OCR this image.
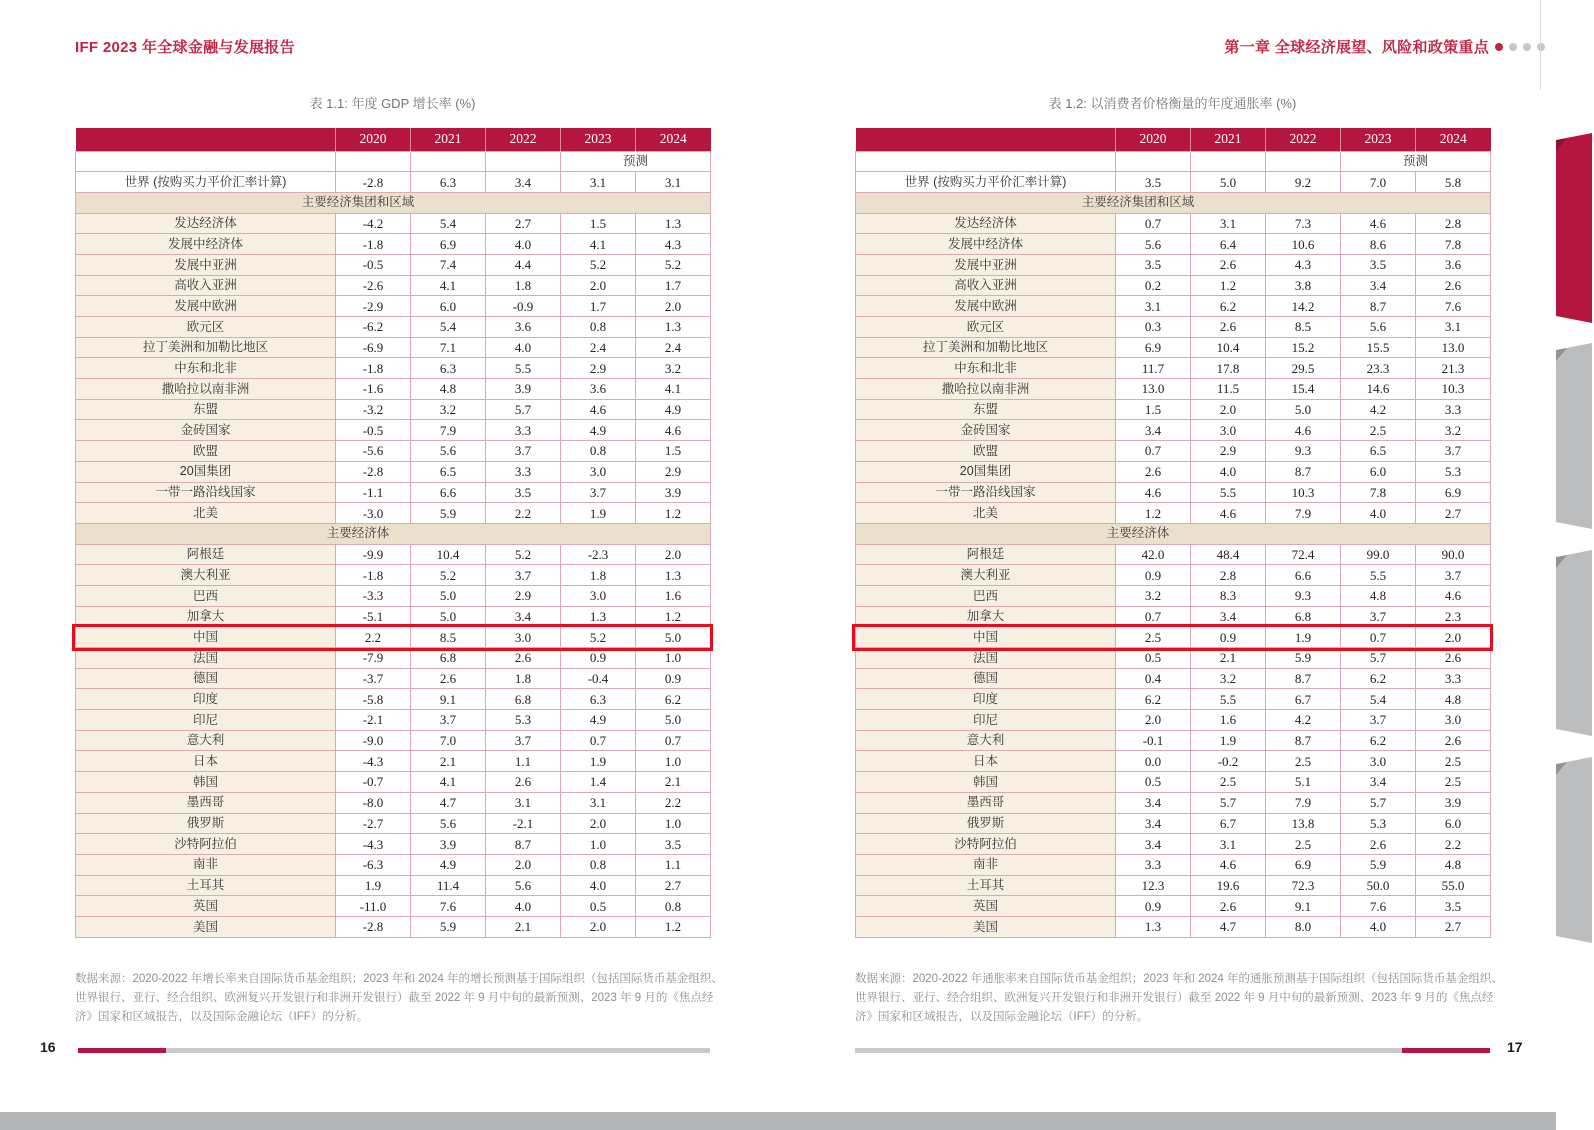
IFF 2023 年全球金融与发展报告	第一章 全球经济展望、风险和政策重点
表 1.1: 年度 GDP 增长率 (%)	表 1.2: 以消费者价格衡量的年度通胀率 (%)
	2020	2021	2022	2023	2024
				预测	
世界 (按购买力平价汇率计算)	-2.8	6.3	3.4	3.1	3.1
主要经济集团和区域					
发达经济体	-4.2	5.4	2.7	1.5	1.3
发展中经济体	-1.8	6.9	4.0	4.1	4.3
发展中亚洲	-0.5	7.4	4.4	5.2	5.2
高收入亚洲	-2.6	4.1	1.8	2.0	1.7
发展中欧洲	-2.9	6.0	-0.9	1.7	2.0
欧元区	-6.2	5.4	3.6	0.8	1.3
拉丁美洲和加勒比地区	-6.9	7.1	4.0	2.4	2.4
中东和北非	-1.8	6.3	5.5	2.9	3.2
撒哈拉以南非洲	-1.6	4.8	3.9	3.6	4.1
东盟	-3.2	3.2	5.7	4.6	4.9
金砖国家	-0.5	7.9	3.3	4.9	4.6
欧盟	-5.6	5.6	3.7	0.8	1.5
20国集团	-2.8	6.5	3.3	3.0	2.9
一带一路沿线国家	-1.1	6.6	3.5	3.7	3.9
北美	-3.0	5.9	2.2	1.9	1.2
主要经济体					
阿根廷	-9.9	10.4	5.2	-2.3	2.0
澳大利亚	-1.8	5.2	3.7	1.8	1.3
巴西	-3.3	5.0	2.9	3.0	1.6
加拿大	-5.1	5.0	3.4	1.3	1.2
中国	2.2	8.5	3.0	5.2	5.0
法国	-7.9	6.8	2.6	0.9	1.0
德国	-3.7	2.6	1.8	-0.4	0.9
印度	-5.8	9.1	6.8	6.3	6.2
印尼	-2.1	3.7	5.3	4.9	5.0
意大利	-9.0	7.0	3.7	0.7	0.7
日本	-4.3	2.1	1.1	1.9	1.0
韩国	-0.7	4.1	2.6	1.4	2.1
墨西哥	-8.0	4.7	3.1	3.1	2.2
俄罗斯	-2.7	5.6	-2.1	2.0	1.0
沙特阿拉伯	-4.3	3.9	8.7	1.0	3.5
南非	-6.3	4.9	2.0	0.8	1.1
土耳其	1.9	11.4	5.6	4.0	2.7
英国	-11.0	7.6	4.0	0.5	0.8
美国	-2.8	5.9	2.1	2.0	1.2
	2020	2021	2022	2023	2024
				预测	
世界 (按购买力平价汇率计算)	3.5	5.0	9.2	7.0	5.8
主要经济集团和区域					
发达经济体	0.7	3.1	7.3	4.6	2.8
发展中经济体	5.6	6.4	10.6	8.6	7.8
发展中亚洲	3.5	2.6	4.3	3.5	3.6
高收入亚洲	0.2	1.2	3.8	3.4	2.6
发展中欧洲	3.1	6.2	14.2	8.7	7.6
欧元区	0.3	2.6	8.5	5.6	3.1
拉丁美洲和加勒比地区	6.9	10.4	15.2	15.5	13.0
中东和北非	11.7	17.8	29.5	23.3	21.3
撒哈拉以南非洲	13.0	11.5	15.4	14.6	10.3
东盟	1.5	2.0	5.0	4.2	3.3
金砖国家	3.4	3.0	4.6	2.5	3.2
欧盟	0.7	2.9	9.3	6.5	3.7
20国集团	2.6	4.0	8.7	6.0	5.3
一带一路沿线国家	4.6	5.5	10.3	7.8	6.9
北美	1.2	4.6	7.9	4.0	2.7
主要经济体					
阿根廷	42.0	48.4	72.4	99.0	90.0
澳大利亚	0.9	2.8	6.6	5.5	3.7
巴西	3.2	8.3	9.3	4.8	4.6
加拿大	0.7	3.4	6.8	3.7	2.3
中国	2.5	0.9	1.9	0.7	2.0
法国	0.5	2.1	5.9	5.7	2.6
德国	0.4	3.2	8.7	6.2	3.3
印度	6.2	5.5	6.7	5.4	4.8
印尼	2.0	1.6	4.2	3.7	3.0
意大利	-0.1	1.9	8.7	6.2	2.6
日本	0.0	-0.2	2.5	3.0	2.5
韩国	0.5	2.5	5.1	3.4	2.5
墨西哥	3.4	5.7	7.9	5.7	3.9
俄罗斯	3.4	6.7	13.8	5.3	6.0
沙特阿拉伯	3.4	3.1	2.5	2.6	2.2
南非	3.3	4.6	6.9	5.9	4.8
土耳其	12.3	19.6	72.3	50.0	55.0
英国	0.9	2.6	9.1	7.6	3.5
美国	1.3	4.7	8.0	4.0	2.7
数据来源：2020-2022 年增长率来自国际货币基金组织；2023 年和 2024 年的增长预测基于国际组织（包括国际货币基金组织、世界银行、亚行、经合组织、欧洲复兴开发银行和非洲开发银行）截至 2022 年 9 月中旬的最新预测、2023 年 9 月的《焦点经济》国家和区域报告，以及国际金融论坛（IFF）的分析。
数据来源：2020-2022 年通胀率来自国际货币基金组织；2023 年和 2024 年的通胀预测基于国际组织（包括国际货币基金组织、世界银行、亚行、经合组织、欧洲复兴开发银行和非洲开发银行）截至 2022 年 9 月中旬的最新预测、2023 年 9 月的《焦点经济》国家和区域报告，以及国际金融论坛（IFF）的分析。
16	17
